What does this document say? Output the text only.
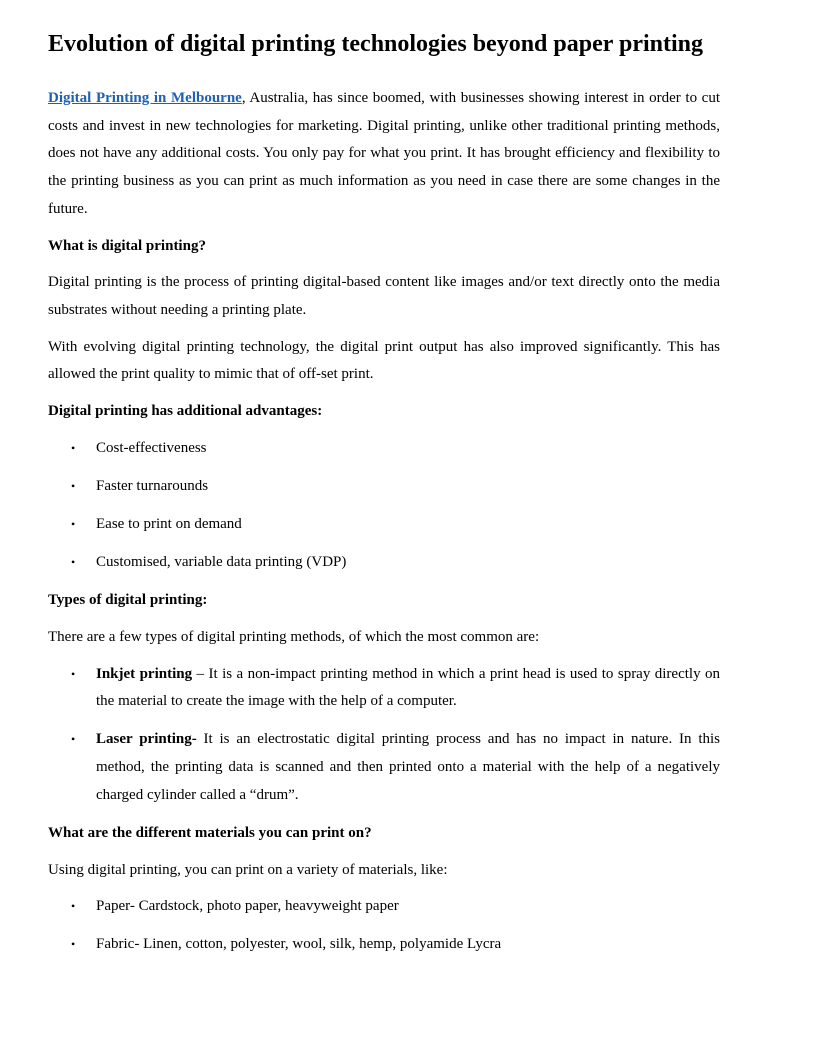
Evolution of digital printing technologies beyond paper printing

Digital Printing in Melbourne, Australia, has since boomed, with businesses showing interest in order to cut costs and invest in new technologies for marketing. Digital printing, unlike other traditional printing methods, does not have any additional costs. You only pay for what you print. It has brought efficiency and flexibility to the printing business as you can print as much information as you need in case there are some changes in the future.

What is digital printing?

Digital printing is the process of printing digital-based content like images and/or text directly onto the media substrates without needing a printing plate.

With evolving digital printing technology, the digital print output has also improved significantly. This has allowed the print quality to mimic that of off-set print.

Digital printing has additional advantages:
• Cost-effectiveness
• Faster turnarounds
• Ease to print on demand
• Customised, variable data printing (VDP)
Types of digital printing:

There are a few types of digital printing methods, of which the most common are:

• Inkjet printing – It is a non-impact printing method in which a print head is used to spray directly on the material to create the image with the help of a computer.
• Laser printing- It is an electrostatic digital printing process and has no impact in nature. In this method, the printing data is scanned and then printed onto a material with the help of a negatively charged cylinder called a “drum”.
What are the different materials you can print on?

Using digital printing, you can print on a variety of materials, like:

• Paper- Cardstock, photo paper, heavyweight paper
• Fabric- Linen, cotton, polyester, wool, silk, hemp, polyamide Lycra
